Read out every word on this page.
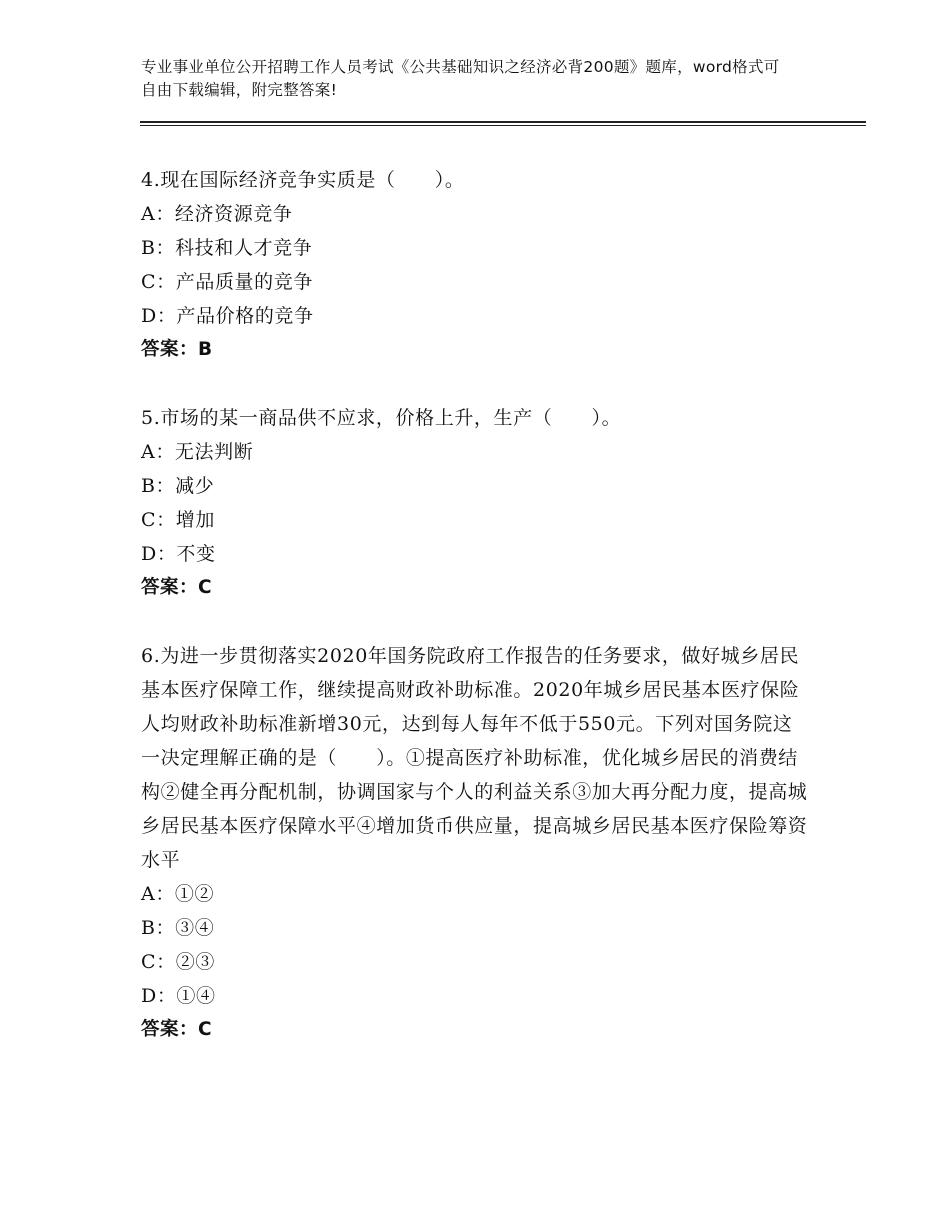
专业事业单位公开招聘工作人员考试《公共基础知识之经济必背200题》题库，word格式可自由下载编辑，附完整答案!
4.现在国际经济竞争实质是（　　）。
A：经济资源竞争
B：科技和人才竞争
C：产品质量的竞争
D：产品价格的竞争
答案：B
5.市场的某一商品供不应求，价格上升，生产（　　）。
A：无法判断
B：减少
C：增加
D：不变
答案：C
6.为进一步贯彻落实2020年国务院政府工作报告的任务要求，做好城乡居民基本医疗保障工作，继续提高财政补助标准。2020年城乡居民基本医疗保险人均财政补助标准新增30元，达到每人每年不低于550元。下列对国务院这一决定理解正确的是（　　）。①提高医疗补助标准，优化城乡居民的消费结构②健全再分配机制，协调国家与个人的利益关系③加大再分配力度，提高城乡居民基本医疗保障水平④增加货币供应量，提高城乡居民基本医疗保险筹资水平
A：①②
B：③④
C：②③
D：①④
答案：C
